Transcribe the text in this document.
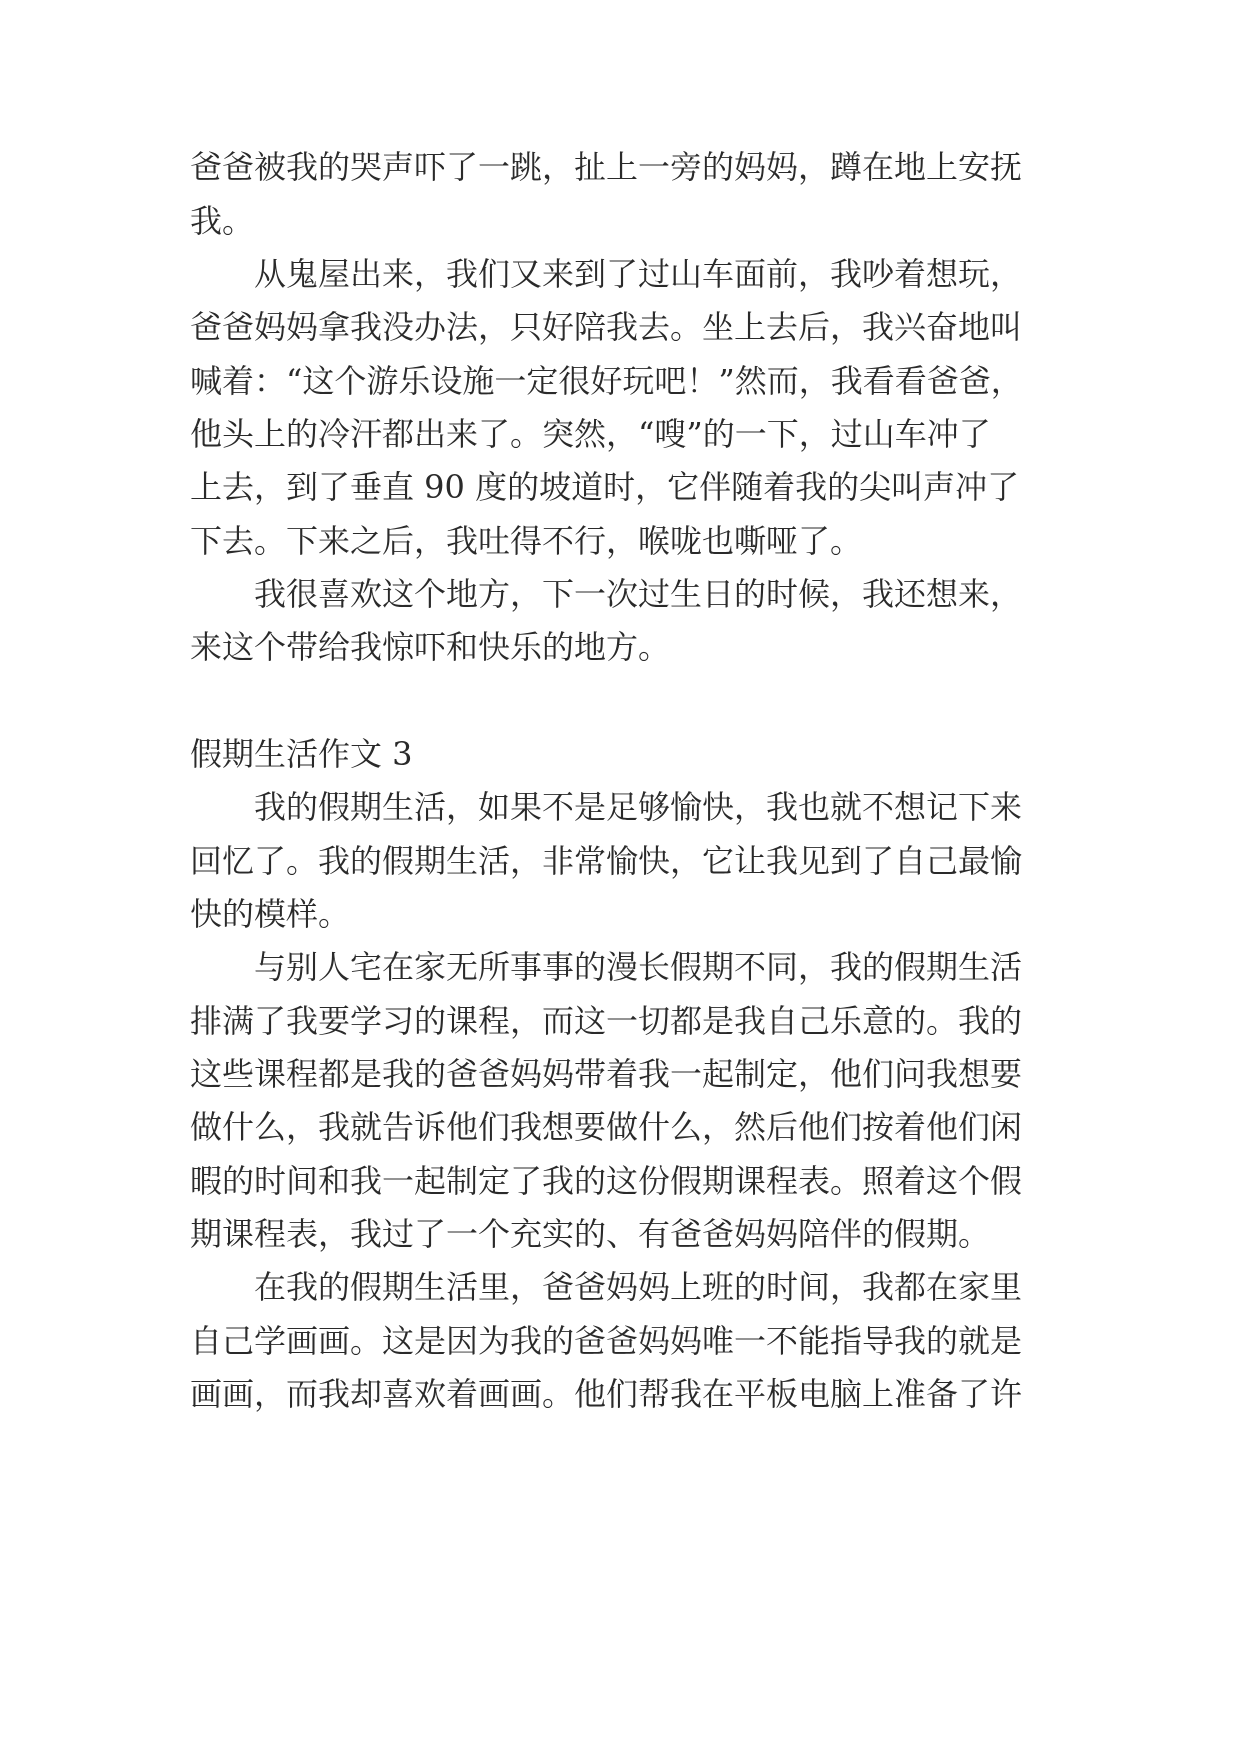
爸爸被我的哭声吓了一跳，扯上一旁的妈妈，蹲在地上安抚
我。
　　从鬼屋出来，我们又来到了过山车面前，我吵着想玩，
爸爸妈妈拿我没办法，只好陪我去。坐上去后，我兴奋地叫
喊着：“这个游乐设施一定很好玩吧！”然而，我看看爸爸，
他头上的冷汗都出来了。突然，“嗖”的一下，过山车冲了
上去，到了垂直 90 度的坡道时，它伴随着我的尖叫声冲了
下去。下来之后，我吐得不行，喉咙也嘶哑了。
　　我很喜欢这个地方，下一次过生日的时候，我还想来，
来这个带给我惊吓和快乐的地方。
假期生活作文 3
　　我的假期生活，如果不是足够愉快，我也就不想记下来
回忆了。我的假期生活，非常愉快，它让我见到了自己最愉
快的模样。
　　与别人宅在家无所事事的漫长假期不同，我的假期生活
排满了我要学习的课程，而这一切都是我自己乐意的。我的
这些课程都是我的爸爸妈妈带着我一起制定，他们问我想要
做什么，我就告诉他们我想要做什么，然后他们按着他们闲
暇的时间和我一起制定了我的这份假期课程表。照着这个假
期课程表，我过了一个充实的、有爸爸妈妈陪伴的假期。
　　在我的假期生活里，爸爸妈妈上班的时间，我都在家里
自己学画画。这是因为我的爸爸妈妈唯一不能指导我的就是
画画，而我却喜欢着画画。他们帮我在平板电脑上准备了许
